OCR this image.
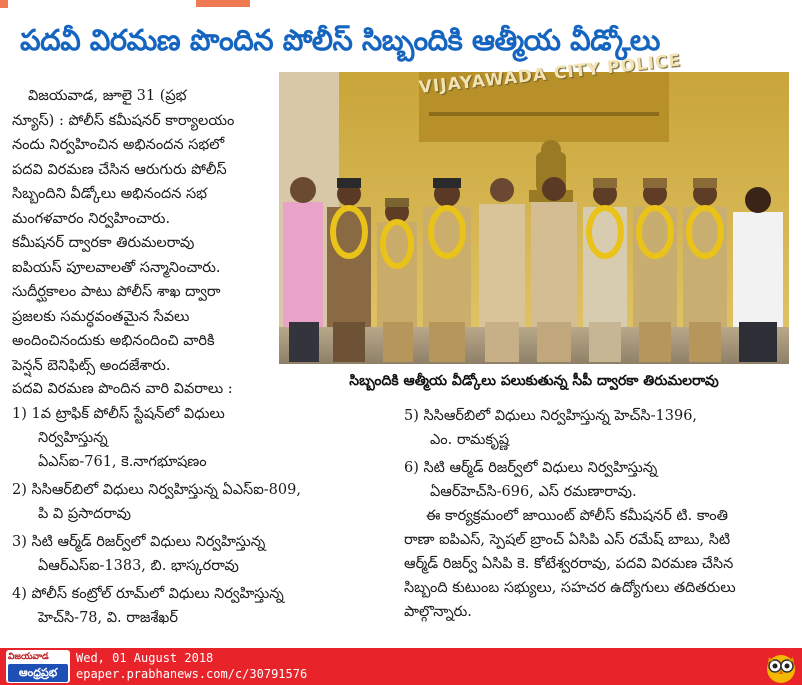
పదవీ విరమణ పొందిన పోలీస్ సిబ్బందికి ఆత్మీయ వీడ్కోలు

విజయవాడ, జూలై 31 (ప్రభ
న్యూస్) : పోలీస్ కమీషనర్ కార్యాలయం
నందు నిర్వహించిన అభినందన సభలో
పదవి విరమణ చేసిన ఆరుగురు పోలీస్
సిబ్బందిని వీడ్కోలు అభినందన సభ
మంగళవారం నిర్వహించారు.

కమీషనర్ ద్వారకా తిరుమలరావు
ఐపియస్ పూలవాలతో సన్మానించారు.
సుదీర్ఘకాలం పాటు పోలీస్ శాఖ ద్వారా
ప్రజలకు సమర్ధవంతమైన సేవలు
అందించినందుకు అభినందించి వారికి
పెన్షన్ బెనిఫిట్స్ అందజేశారు.

VIJAYAWADA CITY POLICE
సిబ్బందికి ఆత్మీయ వీడ్కోలు పలుకుతున్న సీపీ ద్వారకా తిరుమలరావు
పదవి విరమణ పొందిన వారి వివరాలు :
1) 1వ ట్రాఫిక్ పోలీస్ స్టేషన్‌లో విధులు
నిర్వహిస్తున్న
ఏఎస్ఐ-761, కె.నాగభూషణం
2) సిసిఆర్‌బిలో విధులు నిర్వహిస్తున్న ఏఎస్ఐ-809,
పి వి ప్రసాదరావు
3) సిటి ఆర్మ్‌డ్ రిజర్వ్‌లో విధులు నిర్వహిస్తున్న
ఏఆర్ఎస్ఐ-1383, బి. భాస్కరరావు
4) పోలీస్ కంట్రోల్ రూమ్‌లో విధులు నిర్వహిస్తున్న
హెచ్‌సి-78, వి. రాజశేఖర్
5) సిసిఆర్‌బిలో విధులు నిర్వహిస్తున్న హెచ్‌సి-1396,
ఎం. రామకృష్ణ
6) సిటి ఆర్మ్‌డ్ రిజర్వ్‌లో విధులు నిర్వహిస్తున్న
ఏఆర్‌హెచ్‌సి-696, ఎస్ రమణారావు.
ఈ కార్యక్రమంలో జాయింట్ పోలీస్ కమీషనర్ టి. కాంతి
రాణా ఐపిఎస్, స్పెషల్ బ్రాంచ్ ఏసిపి ఎస్ రమేష్ బాబు, సిటి
ఆర్మ్‌డ్ రిజర్వ్ ఏసిపి కె. కోటేశ్వరరావు, పదవి విరమణ చేసిన
సిబ్బంది కుటుంబ సభ్యులు, సహచర ఉద్యోగులు తదితరులు
పాల్గొన్నారు.
విజయవాడ
ఆంధ్రప్రభ
Wed, 01 August 2018
epaper.prabhanews.com/c/30791576
